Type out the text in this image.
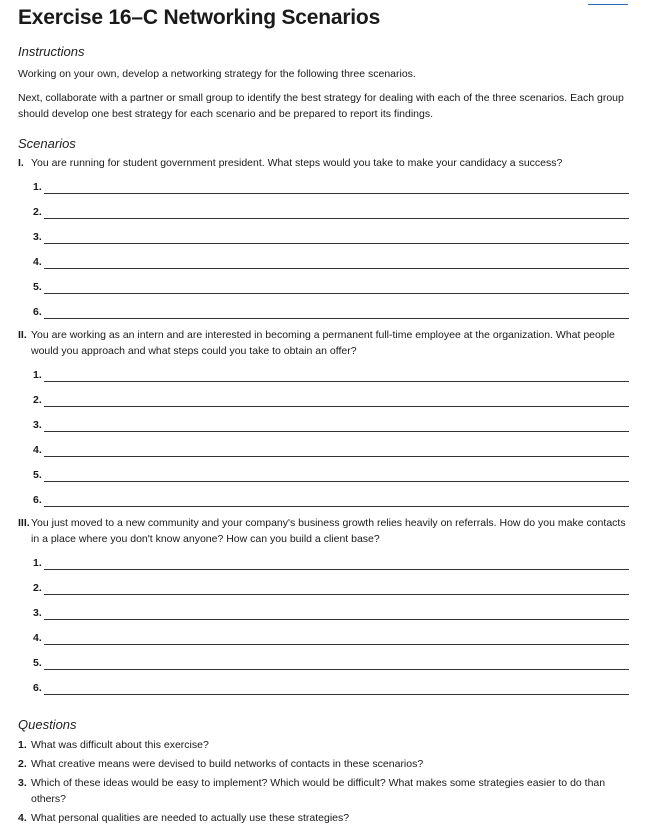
Exercise 16–C Networking Scenarios
Instructions
Working on your own, develop a networking strategy for the following three scenarios.
Next, collaborate with a partner or small group to identify the best strategy for dealing with each of the three scenarios. Each group should develop one best strategy for each scenario and be prepared to report its findings.
Scenarios
I. You are running for student government president. What steps would you take to make your candidacy a success?
1.
2.
3.
4.
5.
6.
II. You are working as an intern and are interested in becoming a permanent full-time employee at the organization. What people would you approach and what steps could you take to obtain an offer?
1.
2.
3.
4.
5.
6.
III. You just moved to a new community and your company's business growth relies heavily on referrals. How do you make contacts in a place where you don't know anyone? How can you build a client base?
1.
2.
3.
4.
5.
6.
Questions
1. What was difficult about this exercise?
2. What creative means were devised to build networks of contacts in these scenarios?
3. Which of these ideas would be easy to implement? Which would be difficult? What makes some strategies easier to do than others?
4. What personal qualities are needed to actually use these strategies?
